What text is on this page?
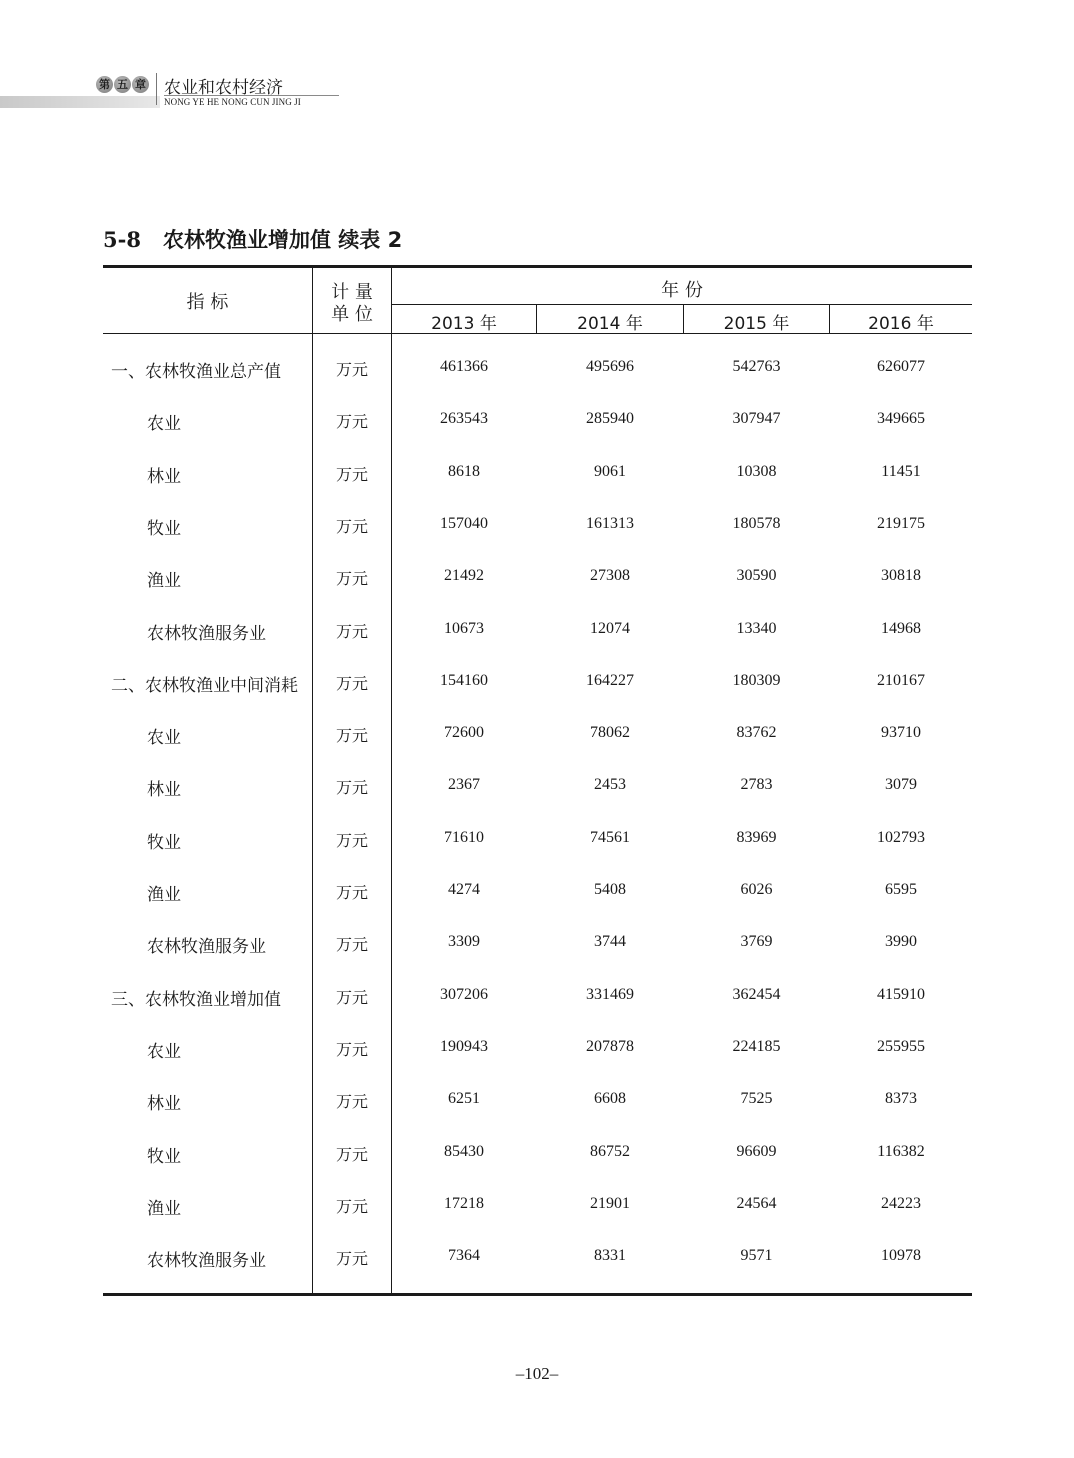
第 五 章 农业和农村经济
NONG YE HE NONG CUN JING JI
5-8 农林牧渔业增加值 续表 2
指 标	计 量
单 位
年 份
2013 年	2014 年	2015 年	2016 年
一、农林牧渔业总产值	万元	461366	495696	542763	626077
农业	万元	263543	285940	307947	349665
林业	万元	8618	9061	10308	11451
牧业	万元	157040	161313	180578	219175
渔业	万元	21492	27308	30590	30818
农林牧渔服务业	万元	10673	12074	13340	14968
二、农林牧渔业中间消耗	万元	154160	164227	180309	210167
农业	万元	72600	78062	83762	93710
林业	万元	2367	2453	2783	3079
牧业	万元	71610	74561	83969	102793
渔业	万元	4274	5408	6026	6595
农林牧渔服务业	万元	3309	3744	3769	3990
三、农林牧渔业增加值	万元	307206	331469	362454	415910
农业	万元	190943	207878	224185	255955
林业	万元	6251	6608	7525	8373
牧业	万元	85430	86752	96609	116382
渔业	万元	17218	21901	24564	24223
农林牧渔服务业	万元	7364	8331	9571	10978
–102–
